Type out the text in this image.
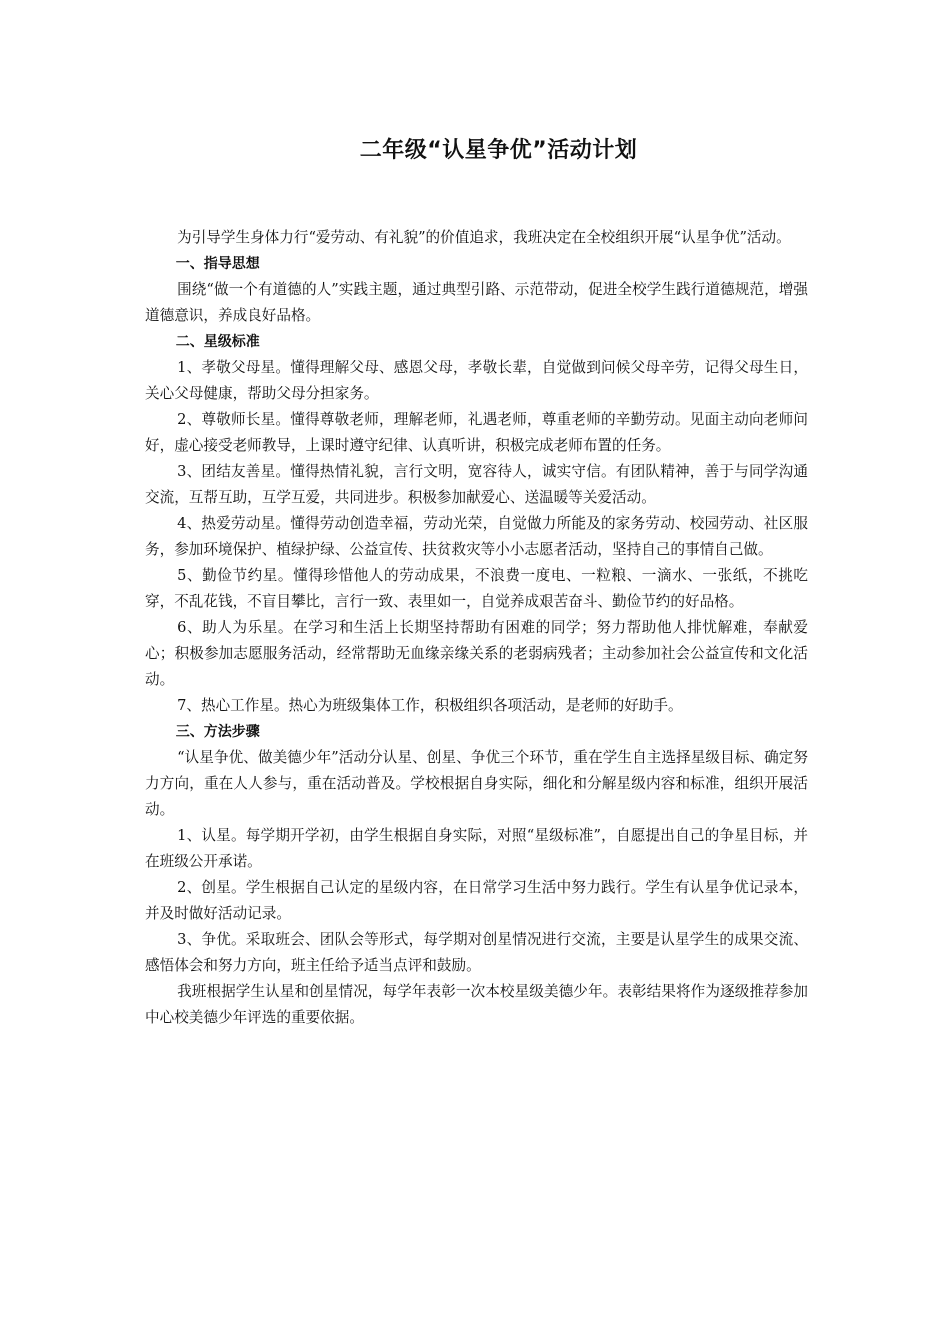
二年级“认星争优”活动计划

为引导学生身体力行“爱劳动、有礼貌”的价值追求，我班决定在全校组织开展“认星争优”活动。

一、指导思想

围绕“做一个有道德的人”实践主题，通过典型引路、示范带动，促进全校学生践行道德规范，增强道德意识，养成良好品格。

二、星级标准

1、孝敬父母星。懂得理解父母、感恩父母，孝敬长辈，自觉做到问候父母辛劳，记得父母生日，关心父母健康，帮助父母分担家务。

2、尊敬师长星。懂得尊敬老师，理解老师，礼遇老师，尊重老师的辛勤劳动。见面主动向老师问好，虚心接受老师教导，上课时遵守纪律、认真听讲，积极完成老师布置的任务。

3、团结友善星。懂得热情礼貌，言行文明，宽容待人，诚实守信。有团队精神，善于与同学沟通交流，互帮互助，互学互爱，共同进步。积极参加献爱心、送温暖等关爱活动。

4、热爱劳动星。懂得劳动创造幸福，劳动光荣，自觉做力所能及的家务劳动、校园劳动、社区服务，参加环境保护、植绿护绿、公益宣传、扶贫救灾等小小志愿者活动，坚持自己的事情自己做。

5、勤俭节约星。懂得珍惜他人的劳动成果，不浪费一度电、一粒粮、一滴水、一张纸，不挑吃穿，不乱花钱，不盲目攀比，言行一致、表里如一，自觉养成艰苦奋斗、勤俭节约的好品格。

6、助人为乐星。在学习和生活上长期坚持帮助有困难的同学；努力帮助他人排忧解难，奉献爱心；积极参加志愿服务活动，经常帮助无血缘亲缘关系的老弱病残者；主动参加社会公益宣传和文化活动。

7、热心工作星。热心为班级集体工作，积极组织各项活动，是老师的好助手。

三、方法步骤

“认星争优、做美德少年”活动分认星、创星、争优三个环节，重在学生自主选择星级目标、确定努力方向，重在人人参与，重在活动普及。学校根据自身实际，细化和分解星级内容和标准，组织开展活动。

1、认星。每学期开学初，由学生根据自身实际，对照“星级标准”，自愿提出自己的争星目标，并在班级公开承诺。

2、创星。学生根据自己认定的星级内容，在日常学习生活中努力践行。学生有认星争优记录本，并及时做好活动记录。

3、争优。采取班会、团队会等形式，每学期对创星情况进行交流，主要是认星学生的成果交流、感悟体会和努力方向，班主任给予适当点评和鼓励。

我班根据学生认星和创星情况，每学年表彰一次本校星级美德少年。表彰结果将作为逐级推荐参加中心校美德少年评选的重要依据。
